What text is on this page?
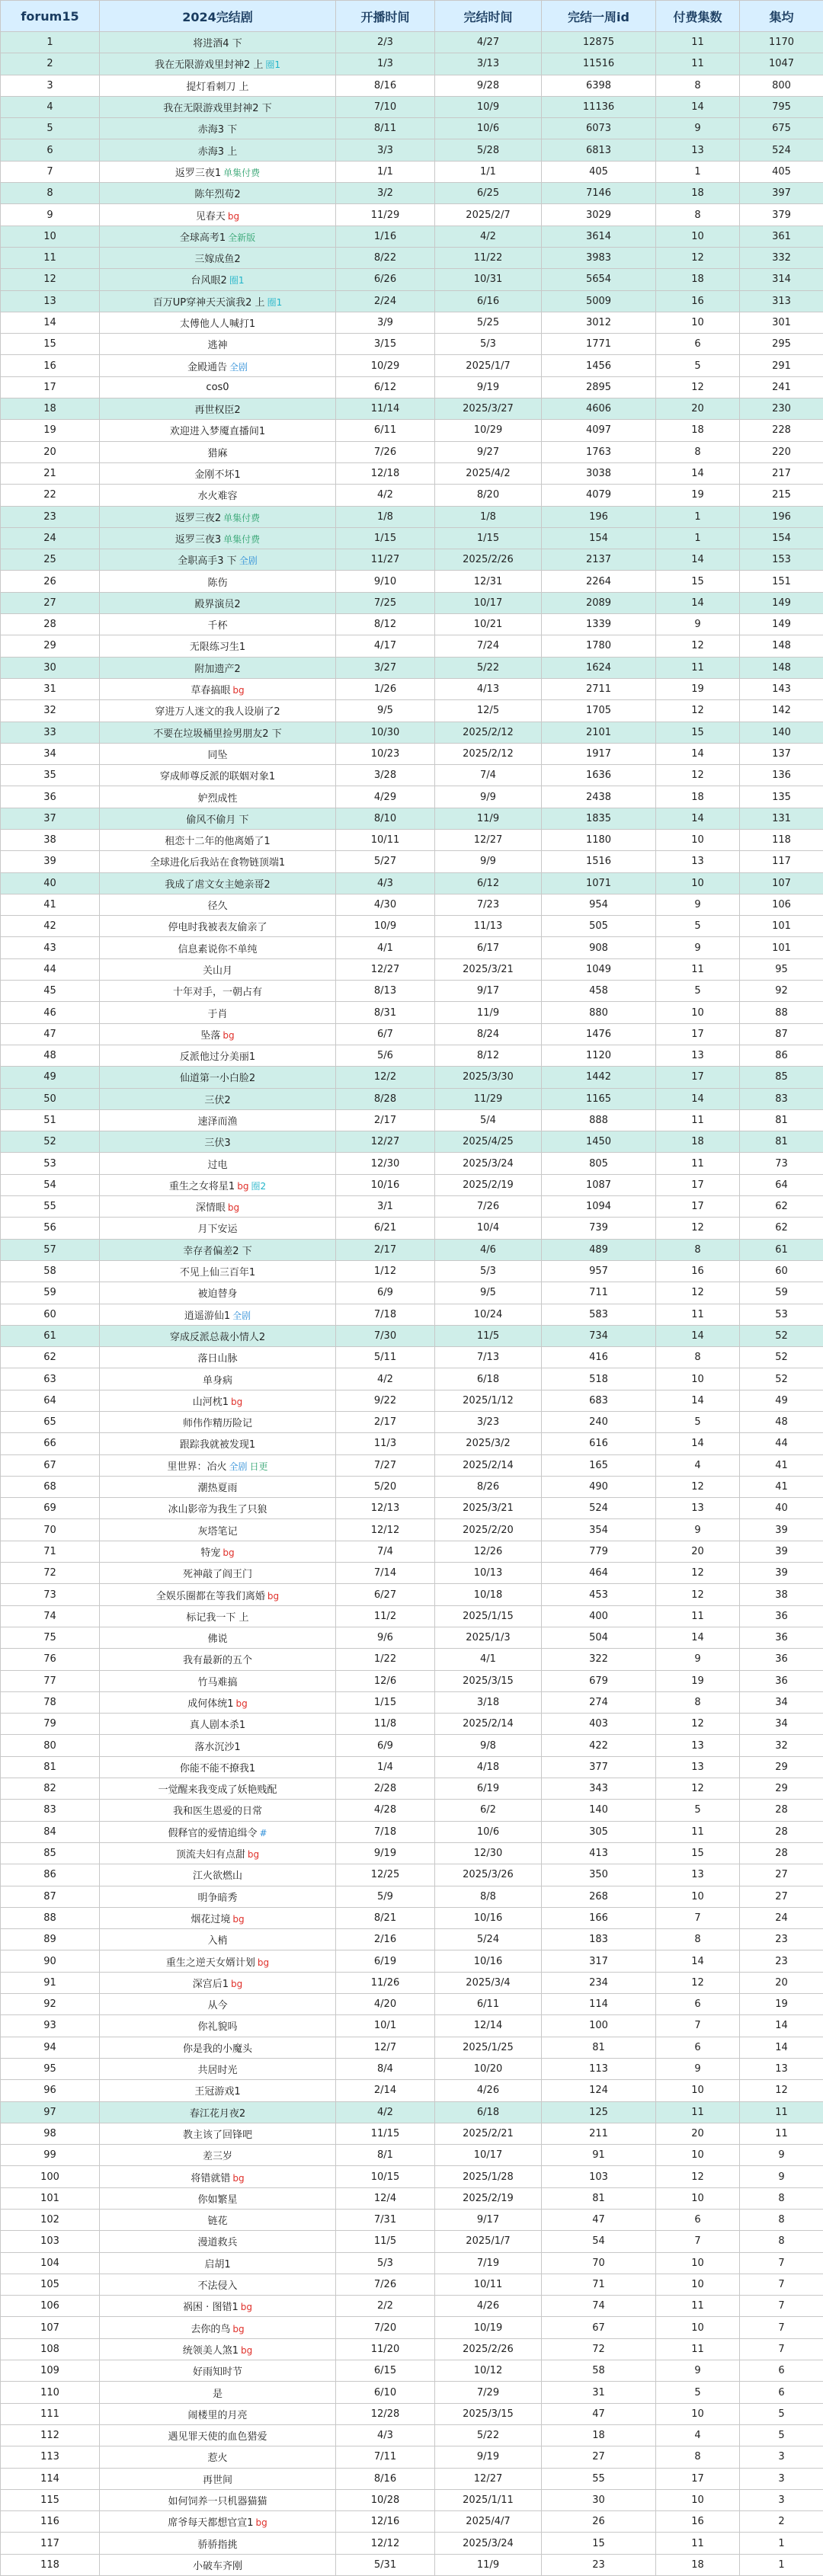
forum15	2024完结剧	开播时间	完结时间	完结一周id	付费集数	集均
1	将进酒4 下	2/3	4/27	12875	11	1170
2	我在无限游戏里封神2 上 圈1	1/3	3/13	11516	11	1047
3	提灯看刺刀 上	8/16	9/28	6398	8	800
4	我在无限游戏里封神2 下	7/10	10/9	11136	14	795
5	赤海3 下	8/11	10/6	6073	9	675
6	赤海3 上	3/3	5/28	6813	13	524
7	返罗三夜1 单集付费	1/1	1/1	405	1	405
8	陈年烈苟2	3/2	6/25	7146	18	397
9	见春天 bg	11/29	2025/2/7	3029	8	379
10	全球高考1 全新版	1/16	4/2	3614	10	361
11	三嫁成鱼2	8/22	11/22	3983	12	332
12	台风眼2 圈1	6/26	10/31	5654	18	314
13	百万UP穿神天天演我2 上 圈1	2/24	6/16	5009	16	313
14	太傅他人人喊打1	3/9	5/25	3012	10	301
15	逃神	3/15	5/3	1771	6	295
16	金殿通告 全剧	10/29	2025/1/7	1456	5	291
17	cos0	6/12	9/19	2895	12	241
18	再世权臣2	11/14	2025/3/27	4606	20	230
19	欢迎进入梦魇直播间1	6/11	10/29	4097	18	228
20	猎麻	7/26	9/27	1763	8	220
21	金刚不坏1	12/18	2025/4/2	3038	14	217
22	水火难容	4/2	8/20	4079	19	215
23	返罗三夜2 单集付费	1/8	1/8	196	1	196
24	返罗三夜3 单集付费	1/15	1/15	154	1	154
25	全职高手3 下 全剧	11/27	2025/2/26	2137	14	153
26	陈伤	9/10	12/31	2264	15	151
27	殿界演员2	7/25	10/17	2089	14	149
28	千杯	8/12	10/21	1339	9	149
29	无限练习生1	4/17	7/24	1780	12	148
30	附加遗产2	3/27	5/22	1624	11	148
31	草春搞眼 bg	1/26	4/13	2711	19	143
32	穿进万人迷文的我人设崩了2	9/5	12/5	1705	12	142
33	不要在垃圾桶里捡男朋友2 下	10/30	2025/2/12	2101	15	140
34	同坠	10/23	2025/2/12	1917	14	137
35	穿成师尊反派的联姻对象1	3/28	7/4	1636	12	136
36	妒烈成性	4/29	9/9	2438	18	135
37	偷风不偷月 下	8/10	11/9	1835	14	131
38	租恋十二年的他离婚了1	10/11	12/27	1180	10	118
39	全球进化后我站在食物链顶端1	5/27	9/9	1516	13	117
40	我成了虐文女主她亲哥2	4/3	6/12	1071	10	107
41	径久	4/30	7/23	954	9	106
42	停电时我被表友偷亲了	10/9	11/13	505	5	101
43	信息素说你不单纯	4/1	6/17	908	9	101
44	关山月	12/27	2025/3/21	1049	11	95
45	十年对手，一朝占有	8/13	9/17	458	5	92
46	于肖	8/31	11/9	880	10	88
47	坠落 bg	6/7	8/24	1476	17	87
48	反派他过分美丽1	5/6	8/12	1120	13	86
49	仙道第一小白脸2	12/2	2025/3/30	1442	17	85
50	三伏2	8/28	11/29	1165	14	83
51	速泽而渔	2/17	5/4	888	11	81
52	三伏3	12/27	2025/4/25	1450	18	81
53	过电	12/30	2025/3/24	805	11	73
54	重生之女将星1 bg 圈2	10/16	2025/2/19	1087	17	64
55	深情眼 bg	3/1	7/26	1094	17	62
56	月下安运	6/21	10/4	739	12	62
57	幸存者偏差2 下	2/17	4/6	489	8	61
58	不见上仙三百年1	1/12	5/3	957	16	60
59	被迫替身	6/9	9/5	711	12	59
60	逍遥游仙1 全剧	7/18	10/24	583	11	53
61	穿成反派总裁小情人2	7/30	11/5	734	14	52
62	落日山脉	5/11	7/13	416	8	52
63	单身病	4/2	6/18	518	10	52
64	山河枕1 bg	9/22	2025/1/12	683	14	49
65	师伟作精历险记	2/17	3/23	240	5	48
66	跟踪我就被发现1	11/3	2025/3/2	616	14	44
67	里世界：冶火 全剧 日更	7/27	2025/2/14	165	4	41
68	潮热夏雨	5/20	8/26	490	12	41
69	冰山影帝为我生了只狼	12/13	2025/3/21	524	13	40
70	灰塔笔记	12/12	2025/2/20	354	9	39
71	特宠 bg	7/4	12/26	779	20	39
72	死神敲了阎王门	7/14	10/13	464	12	39
73	全娱乐圈都在等我们离婚 bg	6/27	10/18	453	12	38
74	标记我一下 上	11/2	2025/1/15	400	11	36
75	佛说	9/6	2025/1/3	504	14	36
76	我有最新的五个	1/22	4/1	322	9	36
77	竹马难搞	12/6	2025/3/15	679	19	36
78	成何体统1 bg	1/15	3/18	274	8	34
79	真人剧本杀1	11/8	2025/2/14	403	12	34
80	落水沉沙1	6/9	9/8	422	13	32
81	你能不能不撩我1	1/4	4/18	377	13	29
82	一觉醒来我变成了妖艳贱配	2/28	6/19	343	12	29
83	我和医生恩爱的日常	4/28	6/2	140	5	28
84	假释官的爱情追缉令 #	7/18	10/6	305	11	28
85	顶流夫妇有点甜 bg	9/19	12/30	413	15	28
86	江火欲燃山	12/25	2025/3/26	350	13	27
87	明争暗秀	5/9	8/8	268	10	27
88	烟花过境 bg	8/21	10/16	166	7	24
89	入梢	2/16	5/24	183	8	23
90	重生之逆天女婿计划 bg	6/19	10/16	317	14	23
91	深宫后1 bg	11/26	2025/3/4	234	12	20
92	从今	4/20	6/11	114	6	19
93	你礼貌吗	10/1	12/14	100	7	14
94	你是我的小魔头	12/7	2025/1/25	81	6	14
95	共居时光	8/4	10/20	113	9	13
96	王冠游戏1	2/14	4/26	124	10	12
97	春江花月夜2	4/2	6/18	125	11	11
98	教主该了回锋吧	11/15	2025/2/21	211	20	11
99	差三岁	8/1	10/17	91	10	9
100	将错就错 bg	10/15	2025/1/28	103	12	9
101	你如繁星	12/4	2025/2/19	81	10	8
102	链花	7/31	9/17	47	6	8
103	漫道救兵	11/5	2025/1/7	54	7	8
104	启胡1	5/3	7/19	70	10	7
105	不法侵入	7/26	10/11	71	10	7
106	祸困 · 图错1 bg	2/2	4/26	74	11	7
107	去你的鸟 bg	7/20	10/19	67	10	7
108	统领美人煞1 bg	11/20	2025/2/26	72	11	7
109	好雨知时节	6/15	10/12	58	9	6
110	是	6/10	7/29	31	5	6
111	闹楼里的月亮	12/28	2025/3/15	47	10	5
112	遇见罪天使的血色猎爱	4/3	5/22	18	4	5
113	惹火	7/11	9/19	27	8	3
114	再世间	8/16	12/27	55	17	3
115	如何饲养一只机器猫猫	10/28	2025/1/11	30	10	3
116	席爷每天都想官宣1 bg	12/16	2025/4/7	26	16	2
117	骄骄指挑	12/12	2025/3/24	15	11	1
118	小破车齐刚	5/31	11/9	23	18	1
